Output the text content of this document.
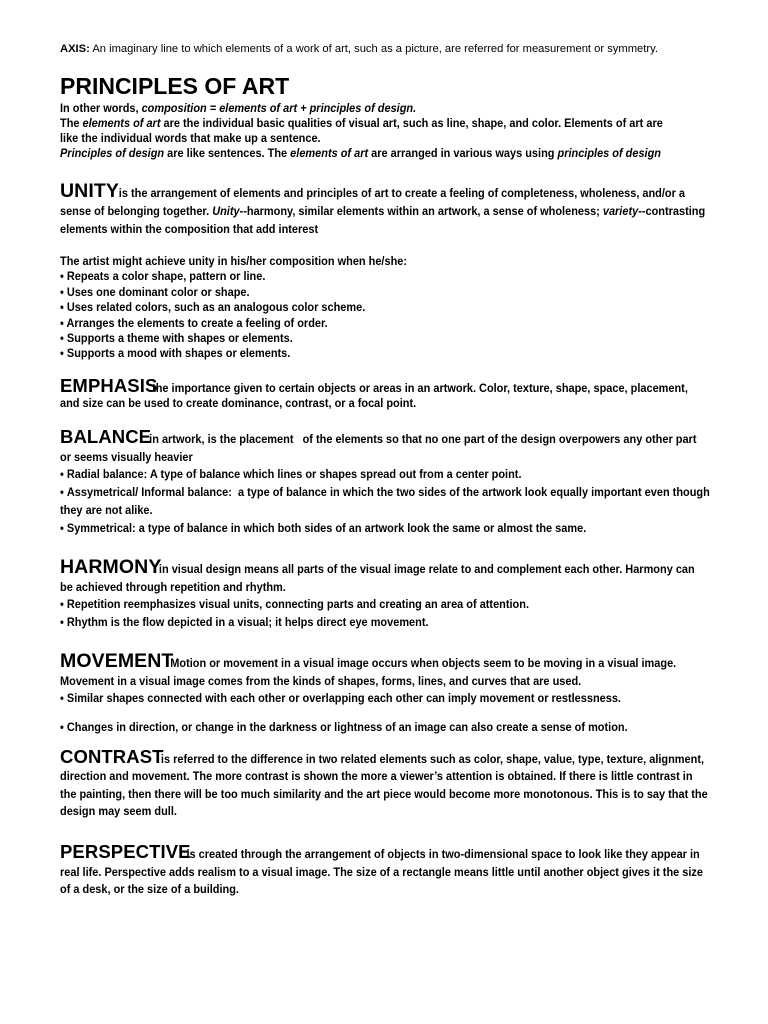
AXIS: An imaginary line to which elements of a work of art, such as a picture, are referred for measurement or symmetry.

PRINCIPLES OF ART
In other words, composition = elements of art + principles of design.
The elements of art are the individual basic qualities of visual art, such as line, shape, and color. Elements of art are like the individual words that make up a sentence.
Principles of design are like sentences. The elements of art are arranged in various ways using principles of design
UNITY is the arrangement of elements and principles of art to create a feeling of completeness, wholeness, and/or a sense of belonging together. Unity--harmony, similar elements within an artwork, a sense of wholeness; variety--contrasting elements within the composition that add interest
The artist might achieve unity in his/her composition when he/she:
• Repeats a color shape, pattern or line.
• Uses one dominant color or shape.
• Uses related colors, such as an analogous color scheme.
• Arranges the elements to create a feeling of order.
• Supports a theme with shapes or elements.
• Supports a mood with shapes or elements.
EMPHASISthe importance given to certain objects or areas in an artwork. Color, texture, shape, space, placement, and size can be used to create dominance, contrast, or a focal point.
BALANCE in artwork, is the placement   of the elements so that no one part of the design overpowers any other part or seems visually heavier
• Radial balance: A type of balance which lines or shapes spread out from a center point.
• Assymetrical/ Informal balance:  a type of balance in which the two sides of the artwork look equally important even though they are not alike.
• Symmetrical: a type of balance in which both sides of an artwork look the same or almost the same.
HARMONY in visual design means all parts of the visual image relate to and complement each other. Harmony can be achieved through repetition and rhythm.
• Repetition reemphasizes visual units, connecting parts and creating an area of attention.
• Rhythm is the flow depicted in a visual; it helps direct eye movement.
MOVEMENT Motion or movement in a visual image occurs when objects seem to be moving in a visual image. Movement in a visual image comes from the kinds of shapes, forms, lines, and curves that are used.
• Similar shapes connected with each other or overlapping each other can imply movement or restlessness.
• Changes in direction, or change in the darkness or lightness of an image can also create a sense of motion.
CONTRAST is referred to the difference in two related elements such as color, shape, value, type, texture, alignment, direction and movement. The more contrast is shown the more a viewer’s attention is obtained. If there is little contrast in the painting, then there will be too much similarity and the art piece would become more monotonous. This is to say that the design may seem dull.
PERSPECTIVE is created through the arrangement of objects in two-dimensional space to look like they appear in real life. Perspective adds realism to a visual image. The size of a rectangle means little until another object gives it the size of a desk, or the size of a building.
